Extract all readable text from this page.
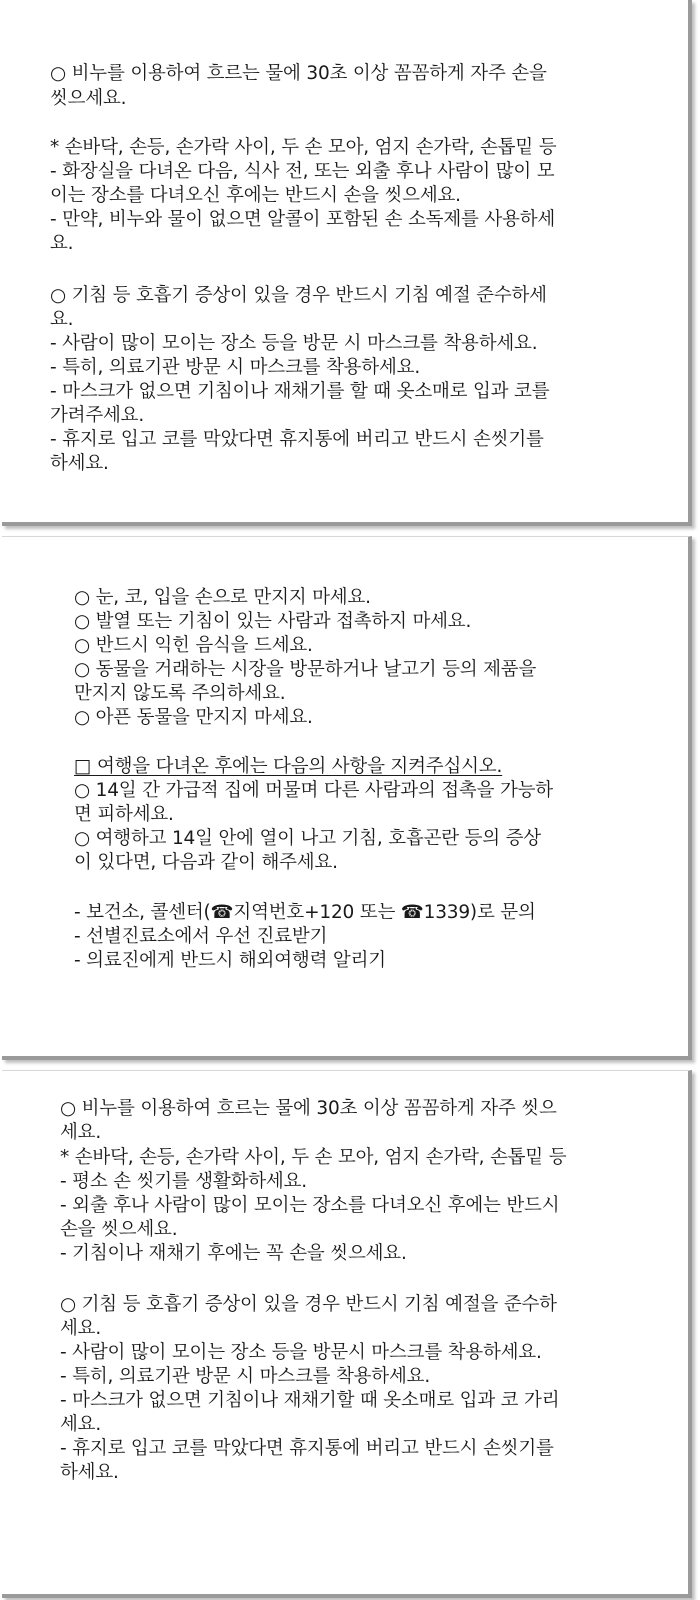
○ 비누를 이용하여 흐르는 물에 30초 이상 꼼꼼하게 자주 손을
씻으세요.
* 손바닥, 손등, 손가락 사이, 두 손 모아, 엄지 손가락, 손톱밑 등
- 화장실을 다녀온 다음, 식사 전, 또는 외출 후나 사람이 많이 모
이는 장소를 다녀오신 후에는 반드시 손을 씻으세요.
- 만약, 비누와 물이 없으면 알콜이 포함된 손 소독제를 사용하세
요.
○ 기침 등 호흡기 증상이 있을 경우 반드시 기침 예절 준수하세
요.
- 사람이 많이 모이는 장소 등을 방문 시 마스크를 착용하세요.
- 특히, 의료기관 방문 시 마스크를 착용하세요.
- 마스크가 없으면 기침이나 재채기를 할 때 옷소매로 입과 코를
가려주세요.
- 휴지로 입고 코를 막았다면 휴지통에 버리고 반드시 손씻기를
하세요.
○ 눈, 코, 입을 손으로 만지지 마세요.
○ 발열 또는 기침이 있는 사람과 접촉하지 마세요.
○ 반드시 익힌 음식을 드세요.
○ 동물을 거래하는 시장을 방문하거나 날고기 등의 제품을
만지지 않도록 주의하세요.
○ 아픈 동물을 만지지 마세요.
□ 여행을 다녀온 후에는 다음의 사항을 지켜주십시오.
○ 14일 간 가급적 집에 머물며 다른 사람과의 접촉을 가능하
면 피하세요.
○ 여행하고 14일 안에 열이 나고 기침, 호흡곤란 등의 증상
이 있다면, 다음과 같이 해주세요.
- 보건소, 콜센터(☎지역번호+120 또는 ☎1339)로 문의
- 선별진료소에서 우선 진료받기
- 의료진에게 반드시 해외여행력 알리기
○ 비누를 이용하여 흐르는 물에 30초 이상 꼼꼼하게 자주 씻으
세요.
* 손바닥, 손등, 손가락 사이, 두 손 모아, 엄지 손가락, 손톱밑 등
- 평소 손 씻기를 생활화하세요.
- 외출 후나 사람이 많이 모이는 장소를 다녀오신 후에는 반드시
손을 씻으세요.
- 기침이나 재채기 후에는 꼭 손을 씻으세요.
○ 기침 등 호흡기 증상이 있을 경우 반드시 기침 예절을 준수하
세요.
- 사람이 많이 모이는 장소 등을 방문시 마스크를 착용하세요.
- 특히, 의료기관 방문 시 마스크를 착용하세요.
- 마스크가 없으면 기침이나 재채기할 때 옷소매로 입과 코 가리
세요.
- 휴지로 입고 코를 막았다면 휴지통에 버리고 반드시 손씻기를
하세요.
